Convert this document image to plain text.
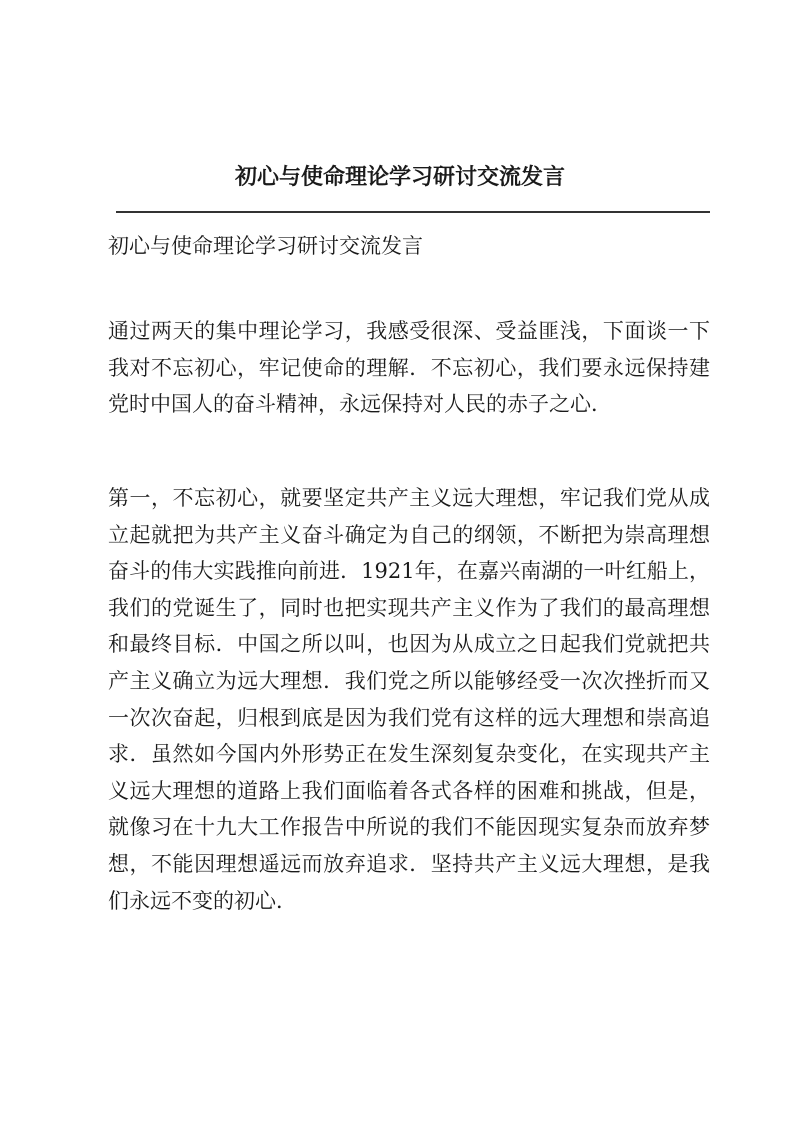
初心与使命理论学习研讨交流发言

初心与使命理论学习研讨交流发言

通过两天的集中理论学习，我感受很深、受益匪浅，下面谈一下
我对不忘初心，牢记使命的理解．不忘初心，我们要永远保持建
党时中国人的奋斗精神，永远保持对人民的赤子之心．

第一，不忘初心，就要坚定共产主义远大理想，牢记我们党从成
立起就把为共产主义奋斗确定为自己的纲领，不断把为崇高理想
奋斗的伟大实践推向前进．1921年，在嘉兴南湖的一叶红船上，
我们的党诞生了，同时也把实现共产主义作为了我们的最高理想
和最终目标．中国之所以叫，也因为从成立之日起我们党就把共
产主义确立为远大理想．我们党之所以能够经受一次次挫折而又
一次次奋起，归根到底是因为我们党有这样的远大理想和崇高追
求．虽然如今国内外形势正在发生深刻复杂变化，在实现共产主
义远大理想的道路上我们面临着各式各样的困难和挑战，但是，
就像习在十九大工作报告中所说的我们不能因现实复杂而放弃梦
想，不能因理想遥远而放弃追求．坚持共产主义远大理想，是我
们永远不变的初心．
